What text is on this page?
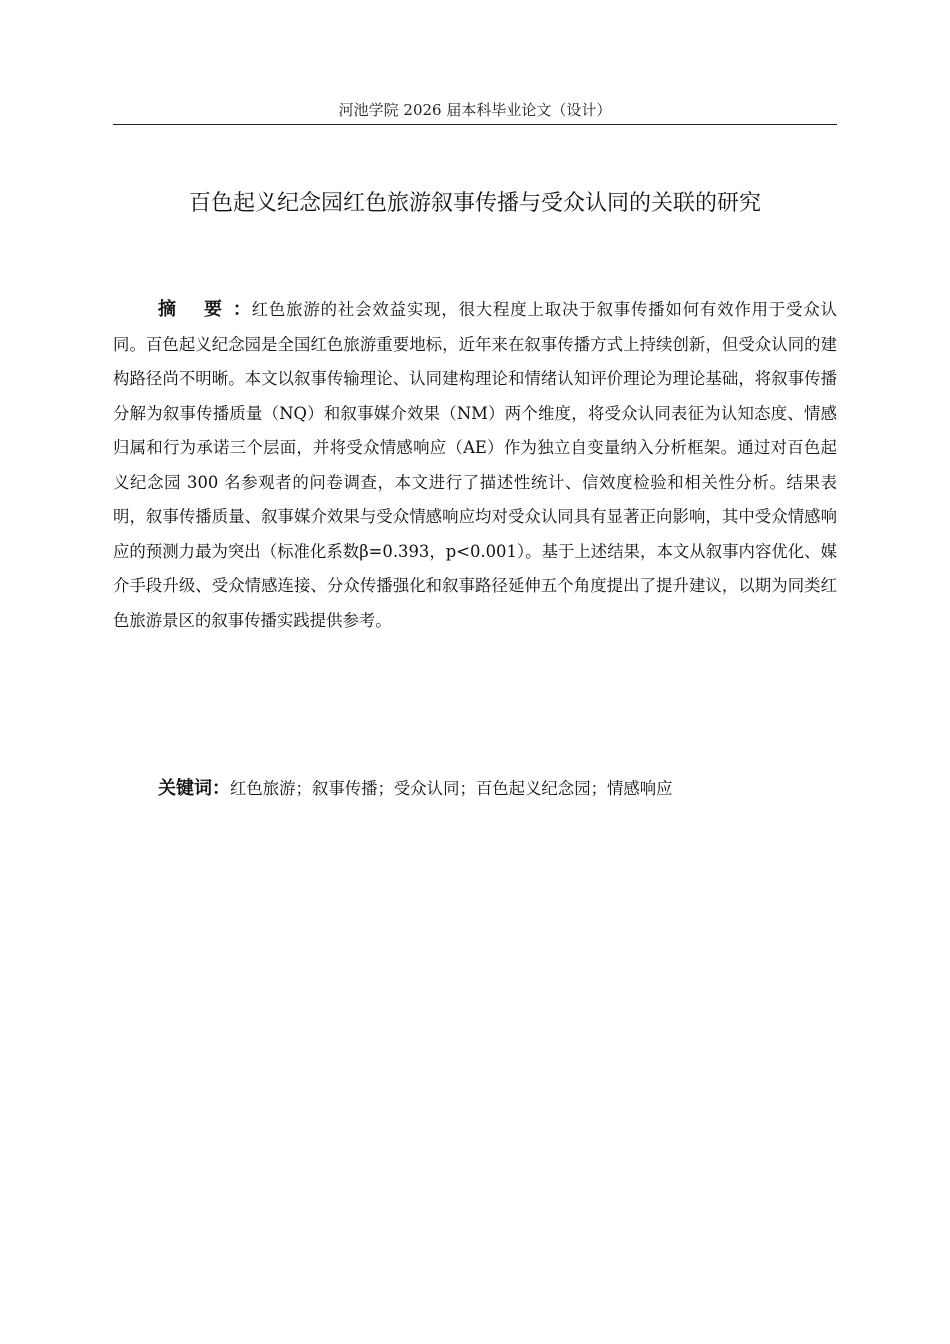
河池学院 2026 届本科毕业论文（设计）
百色起义纪念园红色旅游叙事传播与受众认同的关联的研究

摘 要：红色旅游的社会效益实现，很大程度上取决于叙事传播如何有效作用于受众认同。百色起义纪念园是全国红色旅游重要地标，近年来在叙事传播方式上持续创新，但受众认同的建构路径尚不明晰。本文以叙事传输理论、认同建构理论和情绪认知评价理论为理论基础，将叙事传播分解为叙事传播质量（NQ）和叙事媒介效果（NM）两个维度，将受众认同表征为认知态度、情感归属和行为承诺三个层面，并将受众情感响应（AE）作为独立自变量纳入分析框架。通过对百色起义纪念园 300 名参观者的问卷调查，本文进行了描述性统计、信效度检验和相关性分析。结果表明，叙事传播质量、叙事媒介效果与受众情感响应均对受众认同具有显著正向影响，其中受众情感响应的预测力最为突出（标准化系数β=0.393，p<0.001）。基于上述结果，本文从叙事内容优化、媒介手段升级、受众情感连接、分众传播强化和叙事路径延伸五个角度提出了提升建议，以期为同类红色旅游景区的叙事传播实践提供参考。

关键词：红色旅游；叙事传播；受众认同；百色起义纪念园；情感响应
